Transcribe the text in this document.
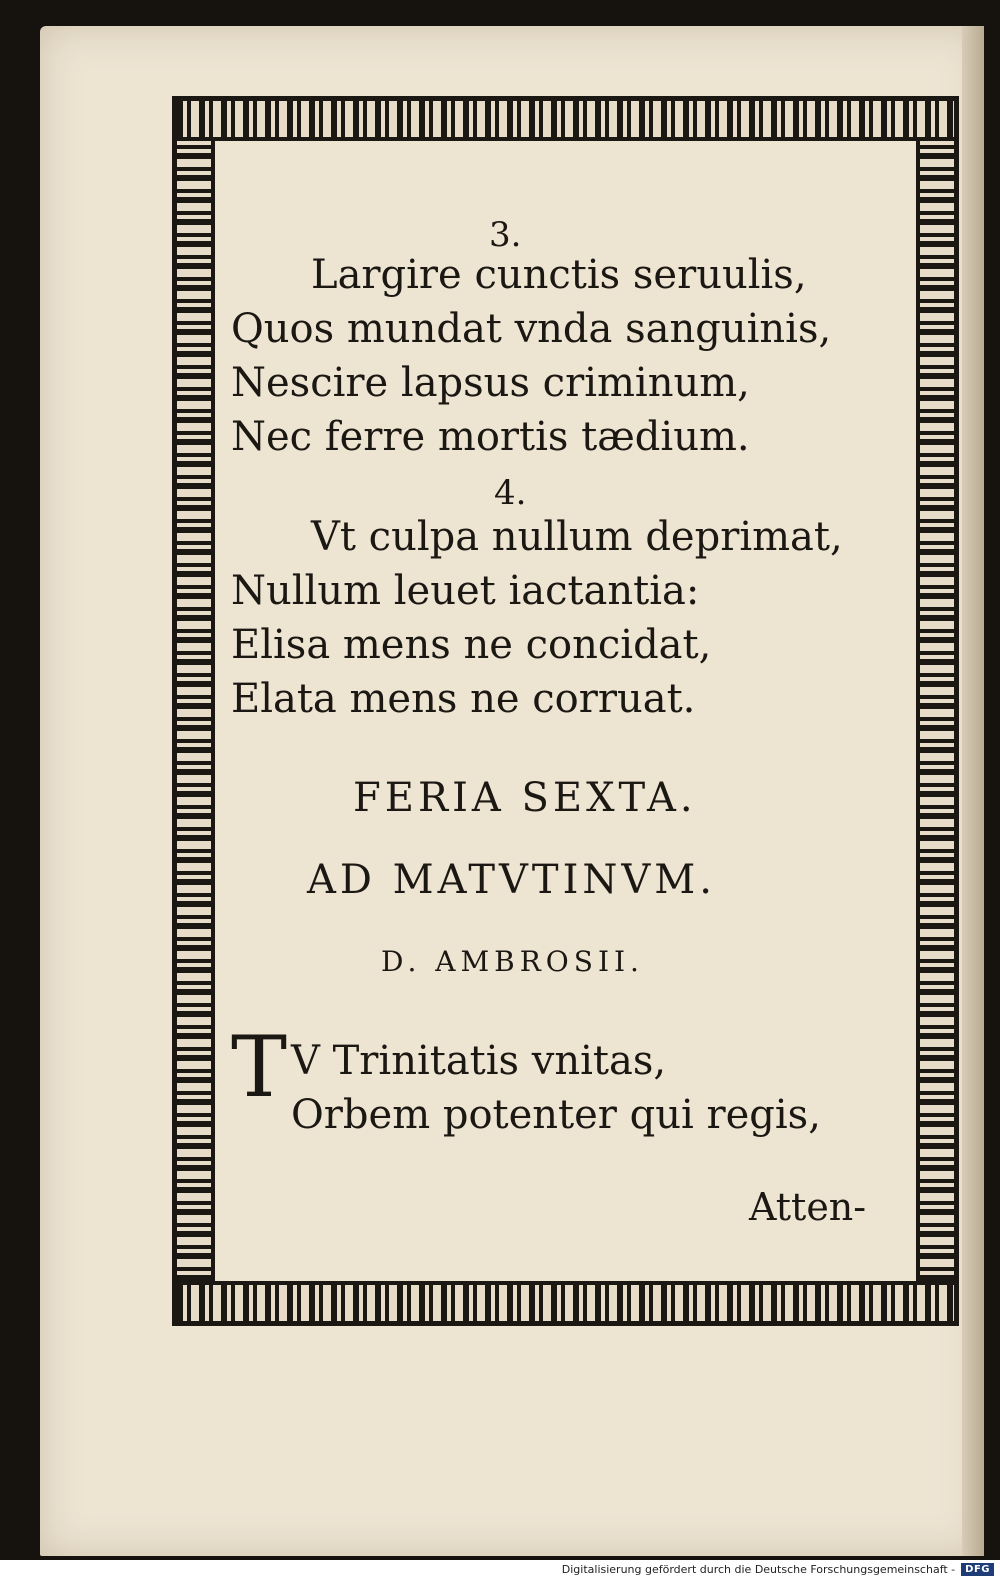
3.
Largire cunctis seruulis,
Quos mundat vnda sanguinis,
Nescire lapsus criminum,
Nec ferre mortis tædium.
4.
Vt culpa nullum deprimat,
Nullum leuet iactantia:
Elisa mens ne concidat,
Elata mens ne corruat.
FERIA SEXTA.
AD MATVTINVM.
D. AMBROSII.
T V Trinitatis vnitas,
Orbem potenter qui regis,
Atten-
Digitalisierung gefördert durch die Deutsche Forschungsgemeinschaft -	DFG
